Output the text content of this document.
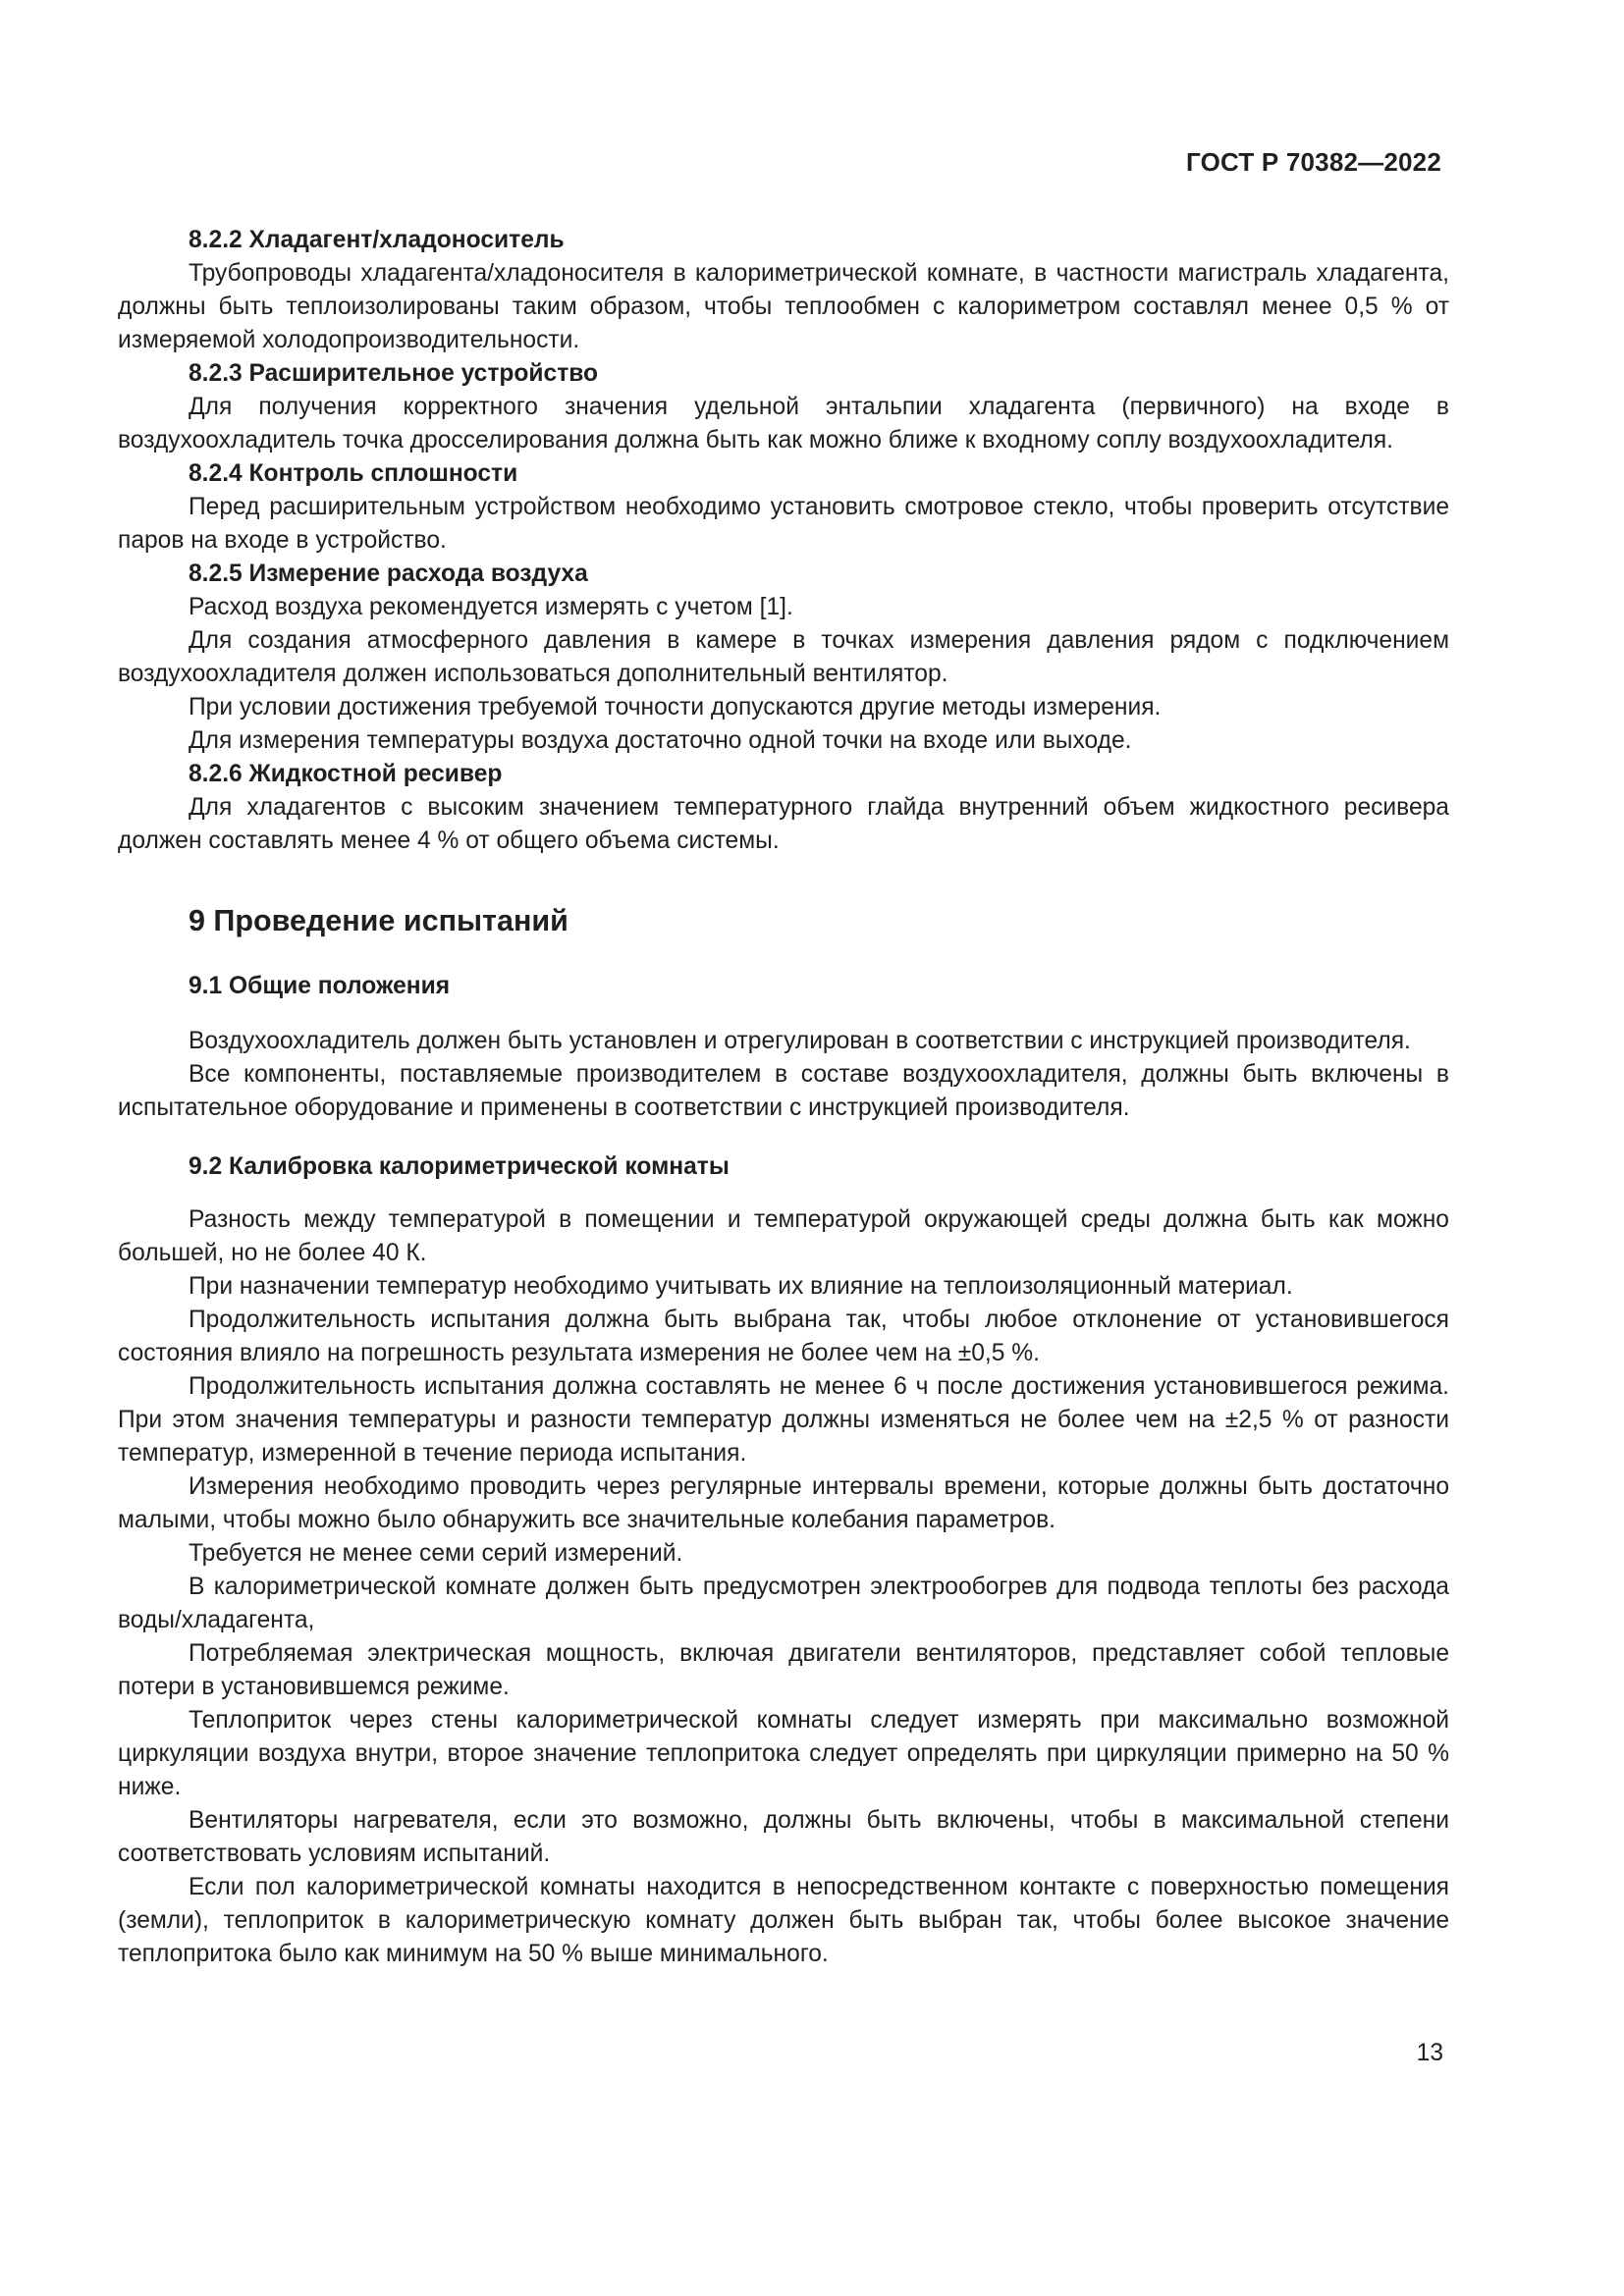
ГОСТ Р 70382—2022
8.2.2 Хладагент/хладоноситель

Трубопроводы хладагента/хладоносителя в калориметрической комнате, в частности магистраль хладагента, должны быть теплоизолированы таким образом, чтобы теплообмен с калориметром составлял менее 0,5 % от измеряемой холодопроизводительности.

8.2.3 Расширительное устройство

Для получения корректного значения удельной энтальпии хладагента (первичного) на входе в воздухоохладитель точка дросселирования должна быть как можно ближе к входному соплу воздухоохладителя.

8.2.4 Контроль сплошности

Перед расширительным устройством необходимо установить смотровое стекло, чтобы проверить отсутствие паров на входе в устройство.

8.2.5 Измерение расхода воздуха

Расход воздуха рекомендуется измерять с учетом [1].

Для создания атмосферного давления в камере в точках измерения давления рядом с подключением воздухоохладителя должен использоваться дополнительный вентилятор.

При условии достижения требуемой точности допускаются другие методы измерения.

Для измерения температуры воздуха достаточно одной точки на входе или выходе.

8.2.6 Жидкостной ресивер

Для хладагентов с высоким значением температурного глайда внутренний объем жидкостного ресивера должен составлять менее 4 % от общего объема системы.

9 Проведение испытаний
9.1 Общие положения

Воздухоохладитель должен быть установлен и отрегулирован в соответствии с инструкцией производителя.

Все компоненты, поставляемые производителем в составе воздухоохладителя, должны быть включены в испытательное оборудование и применены в соответствии с инструкцией производителя.

9.2 Калибровка калориметрической комнаты

Разность между температурой в помещении и температурой окружающей среды должна быть как можно большей, но не более 40 К.

При назначении температур необходимо учитывать их влияние на теплоизоляционный материал.

Продолжительность испытания должна быть выбрана так, чтобы любое отклонение от установившегося состояния влияло на погрешность результата измерения не более чем на ±0,5 %.

Продолжительность испытания должна составлять не менее 6 ч после достижения установившегося режима. При этом значения температуры и разности температур должны изменяться не более чем на ±2,5 % от разности температур, измеренной в течение периода испытания.

Измерения необходимо проводить через регулярные интервалы времени, которые должны быть достаточно малыми, чтобы можно было обнаружить все значительные колебания параметров.

Требуется не менее семи серий измерений.

В калориметрической комнате должен быть предусмотрен электрообогрев для подвода теплоты без расхода воды/хладагента,

Потребляемая электрическая мощность, включая двигатели вентиляторов, представляет собой тепловые потери в установившемся режиме.

Теплоприток через стены калориметрической комнаты следует измерять при максимально возможной циркуляции воздуха внутри, второе значение теплопритока следует определять при циркуляции примерно на 50 % ниже.

Вентиляторы нагревателя, если это возможно, должны быть включены, чтобы в максимальной степени соответствовать условиям испытаний.

Если пол калориметрической комнаты находится в непосредственном контакте с поверхностью помещения (земли), теплоприток в калориметрическую комнату должен быть выбран так, чтобы более высокое значение теплопритока было как минимум на 50 % выше минимального.

13
